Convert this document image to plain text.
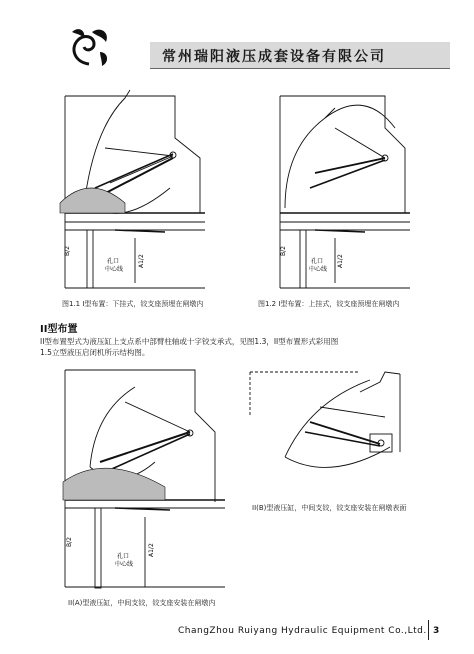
常州瑞阳液压成套设备有限公司
B/2
A1/2
孔口
中心线
图1.1 I型布置：下挂式，铰支座预埋在闸墩内
B/2
A1/2
孔口
中心线
图1.2 I型布置：上挂式，铰支座预埋在闸墩内
II型布置
II型布置型式为液压缸上支点系中部臂柱轴或十字铰支承式，见图1.3，II型布置形式彩用图
1.5立型液压启闭机所示结构图。
B/2
A1/2
孔口
中心线
II(A)型液压缸，中间支铰，铰支座安装在闸墩内
II(B)型液压缸，中间支铰，铰支座安装在闸墩表面
ChangZhou Ruiyang Hydraulic Equipment Co.,Ltd. 3
